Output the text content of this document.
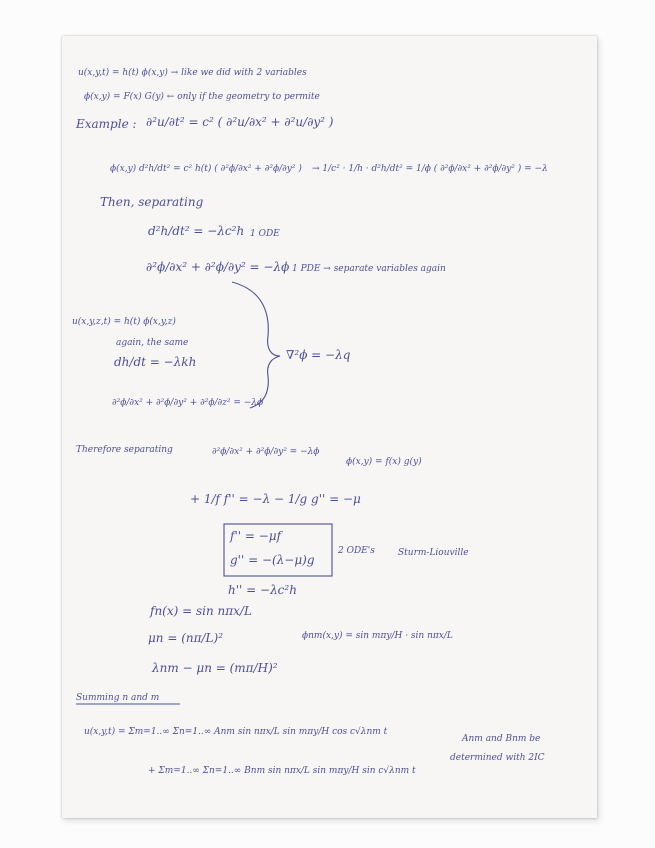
u(x,y,t) = h(t) ϕ(x,y) → like we did with 2 variables
ϕ(x,y) = F(x) G(y) ← only if the geometry to permite
Example : ∂²u/∂t² = c² ( ∂²u/∂x² + ∂²u/∂y² )
ϕ(x,y) d²h/dt² = c² h(t) ( ∂²ϕ/∂x² + ∂²ϕ/∂y² ) → 1/c² · 1/h · d²h/dt² = 1/ϕ ( ∂²ϕ/∂x² + ∂²ϕ/∂y² ) = −λ
Then, separating
d²h/dt² = −λc²h 1 ODE
∂²ϕ/∂x² + ∂²ϕ/∂y² = −λϕ 1 PDE → separate variables again
u(x,y,z,t) = h(t) ϕ(x,y,z)
again, the same
dh/dt = −λkh
∂²ϕ/∂x² + ∂²ϕ/∂y² + ∂²ϕ/∂z² = −λϕ
∇²ϕ = −λq
Therefore separating	∂²ϕ/∂x² + ∂²ϕ/∂y² = −λϕ
ϕ(x,y) = f(x) g(y)
+ 1/f f'' = −λ − 1/g g'' = −μ
f'' = −μf
g'' = −(λ−μ)g
2 ODE's	Sturm-Liouville
h'' = −λc²h
fn(x) = sin nπx/L
μn = (nπ/L)²	ϕnm(x,y) = sin mπy/H · sin nπx/L
λnm − μn = (mπ/H)²
Summing n and m
u(x,y,t) = Σm=1..∞ Σn=1..∞ Anm sin nπx/L sin mπy/H cos c√λnm t
+ Σm=1..∞ Σn=1..∞ Bnm sin nπx/L sin mπy/H sin c√λnm t
Anm and Bnm be
determined with 2IC
